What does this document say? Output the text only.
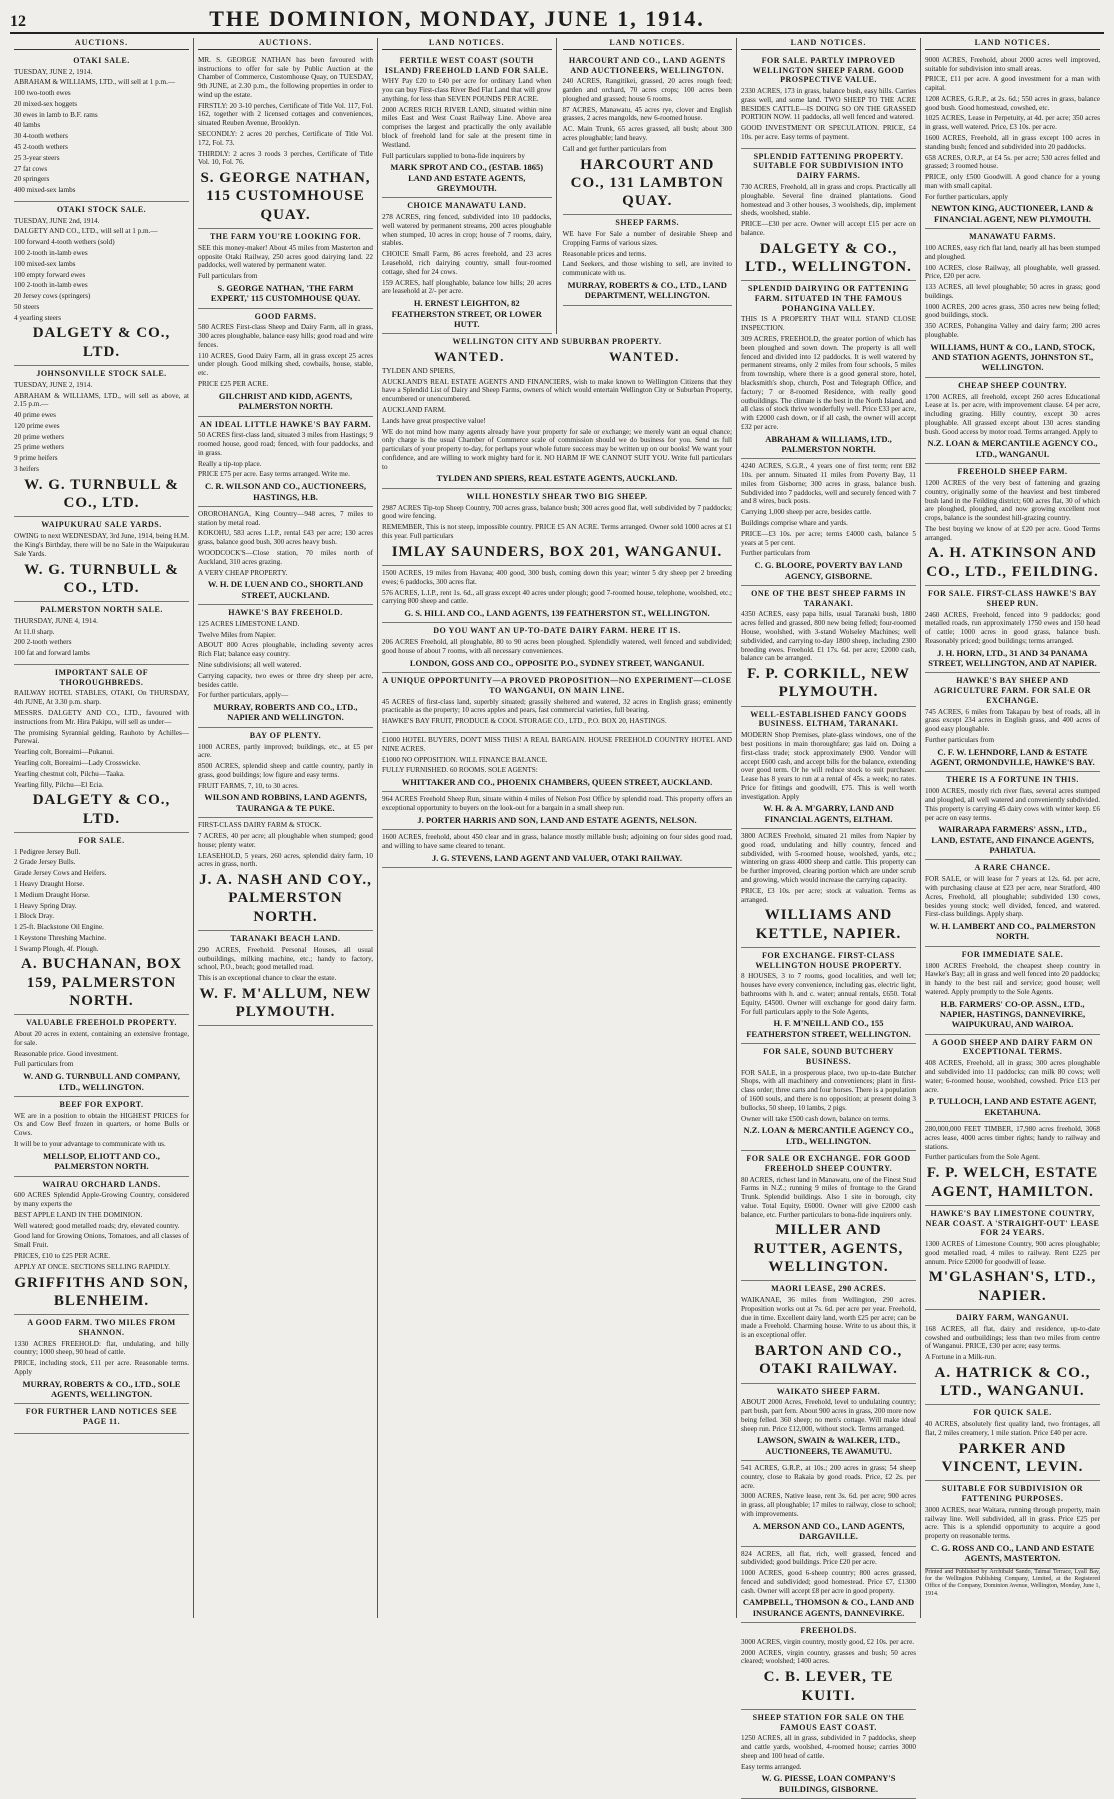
12	THE DOMINION, MONDAY, JUNE 1, 1914.
AUCTIONS.
OTAKI SALE.

TUESDAY, JUNE 2, 1914.

ABRAHAM & WILLIAMS, LTD., will sell at 1 p.m.—

100 two-tooth ewes

20 mixed-sex hoggets

30 ewes in lamb to B.F. rams

40 lambs

30 4-tooth wethers

45 2-tooth wethers

25 3-year steers

27 fat cows

20 springers

400 mixed-sex lambs

OTAKI STOCK SALE.

TUESDAY, JUNE 2nd, 1914.

DALGETY AND CO., LTD., will sell at 1 p.m.—

100 forward 4-tooth wethers (sold)

100 2-tooth in-lamb ewes

100 mixed-sex lambs

100 empty forward ewes

100 2-tooth in-lamb ewes

20 Jersey cows (springers)

50 steers

4 yearling steers

DALGETY & CO., LTD.
JOHNSONVILLE STOCK SALE.

TUESDAY, JUNE 2, 1914.

ABRAHAM & WILLIAMS, LTD., will sell as above, at 2.15 p.m.—

40 prime ewes

120 prime ewes

20 prime wethers

25 prime wethers

9 prime heifers

3 heifers

W. G. TURNBULL & CO., LTD.
WAIPUKURAU SALE YARDS.

OWING to next WEDNESDAY, 3rd June, 1914, being H.M. the King's Birthday, there will be no Sale in the Waipukurau Sale Yards.

W. G. TURNBULL & CO., LTD.
PALMERSTON NORTH SALE.

THURSDAY, JUNE 4, 1914.

At 11.0 sharp.

200 2-tooth wethers

100 fat and forward lambs

IMPORTANT SALE OF THOROUGHBREDS.

RAILWAY HOTEL STABLES, OTAKI, On THURSDAY, 4th JUNE, At 3.30 p.m. sharp.

MESSRS. DALGETY AND CO., LTD., favoured with instructions from Mr. Hira Pakipu, will sell as under—

The promising Syrannial gelding, Rauhoto by Achilles—Purewai.

Yearling colt, Boreaimi—Pukanui.

Yearling colt, Boreaimi—Lady Crosswicke.

Yearling chestnut colt, Pilchu—Taaka.

Yearling filly, Pilchu—El Ecia.

DALGETY & CO., LTD.
FOR SALE.

1 Pedigree Jersey Bull.

2 Grade Jersey Bulls.

Grade Jersey Cows and Heifers.

1 Heavy Draught Horse.

1 Medium Draught Horse.

1 Heavy Spring Dray.

1 Block Dray.

1 25-ft. Blackstone Oil Engine.

1 Keystone Threshing Machine.

1 Swamp Plough, 4f. Plough.

A. BUCHANAN, BOX 159, PALMERSTON NORTH.
VALUABLE FREEHOLD PROPERTY.

About 20 acres in extent, containing an extensive frontage, for sale.

Reasonable price. Good investment.

Full particulars from

W. AND G. TURNBULL AND COMPANY, LTD., WELLINGTON.
BEEF FOR EXPORT.

WE are in a position to obtain the HIGHEST PRICES for Ox and Cow Beef frozen in quarters, or home Bulls or Cows.

It will be to your advantage to communicate with us.

MELLSOP, ELIOTT AND CO., PALMERSTON NORTH.
WAIRAU ORCHARD LANDS.

600 ACRES Splendid Apple-Growing Country, considered by many experts the

BEST APPLE LAND IN THE DOMINION.

Well watered; good metalled roads; dry, elevated country.

Good land for Growing Onions, Tomatoes, and all classes of Small Fruit.

PRICES, £10 to £25 PER ACRE.

APPLY AT ONCE. SECTIONS SELLING RAPIDLY.

GRIFFITHS AND SON, BLENHEIM.
A GOOD FARM. TWO MILES FROM SHANNON.

1330 ACRES FREEHOLD: flat, undulating, and hilly country; 1000 sheep, 90 head of cattle.

PRICE, including stock, £11 per acre. Reasonable terms. Apply

MURRAY, ROBERTS & CO., LTD., SOLE AGENTS, WELLINGTON.
FOR FURTHER LAND NOTICES SEE PAGE 11.
AUCTIONS.

MR. S. GEORGE NATHAN has been favoured with instructions to offer for sale by Public Auction at the Chamber of Commerce, Customhouse Quay, on TUESDAY, 9th JUNE, at 2.30 p.m., the following properties in order to wind up the estate.

FIRSTLY: 20 3-10 perches, Certificate of Title Vol. 117, Fol. 162, together with 2 licensed cottages and conveniences, situated Reuben Avenue, Brooklyn.

SECONDLY: 2 acres 20 perches, Certificate of Title Vol. 172, Fol. 73.

THIRDLY: 2 acres 3 roods 3 perches, Certificate of Title Vol. 10, Fol. 76.

S. GEORGE NATHAN, 115 CUSTOMHOUSE QUAY.
THE FARM YOU'RE LOOKING FOR.

SEE this money-maker! About 45 miles from Masterton and opposite Otaki Railway, 250 acres good dairying land. 22 paddocks, well watered by permanent water.

Full particulars from

S. GEORGE NATHAN, 'THE FARM EXPERT,' 115 CUSTOMHOUSE QUAY.
GOOD FARMS.

580 ACRES First-class Sheep and Dairy Farm, all in grass, 300 acres ploughable, balance easy hills; good road and wire fences.

110 ACRES, Good Dairy Farm, all in grass except 25 acres under plough. Good milking shed, cowbails, house, stable, etc.

PRICE £25 PER ACRE.

GILCHRIST AND KIDD, AGENTS, PALMERSTON NORTH.
AN IDEAL LITTLE HAWKE'S BAY FARM.

50 ACRES first-class land, situated 3 miles from Hastings; 9 roomed house, good road; fenced, with four paddocks, and in grass.

Really a tip-top place.

PRICE £75 per acre. Easy terms arranged. Write me.

C. R. WILSON AND CO., AUCTIONEERS, HASTINGS, H.B.

OROROHANGA, King Country—948 acres, 7 miles to station by metal road.

KOKOHU, 583 acres L.I.P., rental £43 per acre; 130 acres grass, balance good bush, 300 acres heavy bush.

WOODCOCK'S—Close station, 70 miles north of Auckland, 310 acres grazing.

A VERY CHEAP PROPERTY.

W. H. DE LUEN AND CO., SHORTLAND STREET, AUCKLAND.
HAWKE'S BAY FREEHOLD.

125 ACRES LIMESTONE LAND.

Twelve Miles from Napier.

ABOUT 800 Acres ploughable, including seventy acres Rich Flat; balance easy country.

Nine subdivisions; all well watered.

Carrying capacity, two ewes or three dry sheep per acre, besides cattle.

For further particulars, apply—

MURRAY, ROBERTS AND CO., LTD., NAPIER AND WELLINGTON.
BAY OF PLENTY.

1000 ACRES, partly improved; buildings, etc., at £5 per acre.

8500 ACRES, splendid sheep and cattle country, partly in grass, good buildings; low figure and easy terms.

FRUIT FARMS, 7, 10, to 30 acres.

WILSON AND ROBBINS, LAND AGENTS, TAURANGA & TE PUKE.

FIRST-CLASS DAIRY FARM & STOCK.

7 ACRES, 40 per acre; all ploughable when stumped; good house; plenty water.

LEASEHOLD, 5 years, 260 acres, splendid dairy farm, 10 acres in grass, north.

J. A. NASH AND COY., PALMERSTON NORTH.
TARANAKI BEACH LAND.

290 ACRES, Freehold. Personal Houses, all usual outbuildings, milking machine, etc.; handy to factory, school, P.O., beach; good metalled road.

This is an exceptional chance to clear the estate.

W. F. M'ALLUM, NEW PLYMOUTH.
LAND NOTICES.
FERTILE WEST COAST (SOUTH ISLAND) FREEHOLD LAND FOR SALE.

WHY Pay £20 to £40 per acre for ordinary Land when you can buy First-class River Bed Flat Land that will grow anything, for less than SEVEN POUNDS PER ACRE.

2000 ACRES RICH RIVER LAND, situated within nine miles East and West Coast Railway Line. Above area comprises the largest and practically the only available block of freehold land for sale at the present time in Westland.

Full particulars supplied to bona-fide inquirers by

MARK SPROT AND CO., (ESTAB. 1865) LAND AND ESTATE AGENTS, GREYMOUTH.
CHOICE MANAWATU LAND.

278 ACRES, ring fenced, subdivided into 10 paddocks, well watered by permanent streams, 200 acres ploughable when stumped, 10 acres in crop; house of 7 rooms, dairy, stables.

CHOICE Small Farm, 86 acres freehold, and 23 acres Leasehold, rich dairying country, small four-roomed cottage, shed for 24 cows.

159 ACRES, half ploughable, balance low hills; 20 acres are leasehold at 2/- per acre.

H. ERNEST LEIGHTON, 82 FEATHERSTON STREET, OR LOWER HUTT.
LAND NOTICES.
HARCOURT AND CO., LAND AGENTS AND AUCTIONEERS, WELLINGTON.

240 ACRES, Rangitikei, grassed, 20 acres rough feed; garden and orchard, 70 acres crops; 100 acres been ploughed and grassed; house 6 rooms.

87 ACRES, Manawatu, 45 acres rye, clover and English grasses, 2 acres mangolds, new 6-roomed house.

AC. Main Trunk, 65 acres grassed, all bush; about 300 acres ploughable; land heavy.

Call and get further particulars from

HARCOURT AND CO., 131 LAMBTON QUAY.
SHEEP FARMS.

WE have For Sale a number of desirable Sheep and Cropping Farms of various sizes.

Reasonable prices and terms.

Land Seekers, and those wishing to sell, are invited to communicate with us.

MURRAY, ROBERTS & CO., LTD., LAND DEPARTMENT, WELLINGTON.
WELLINGTON CITY AND SUBURBAN PROPERTY.
WANTED.	WANTED.

TYLDEN AND SPIERS,

AUCKLAND'S REAL ESTATE AGENTS AND FINANCIERS, wish to make known to Wellington Citizens that they have a Splendid List of Dairy and Sheep Farms, owners of which would entertain Wellington City or Suburban Property, encumbered or unencumbered.

AUCKLAND FARM.

Lands have great prospective value!

WE do not mind how many agents already have your property for sale or exchange; we merely want an equal chance; only charge is the usual Chamber of Commerce scale of commission should we do business for you. Send us full particulars of your property to-day, for perhaps your whole future success may be written up on our books! We want your confidence, and are willing to work mighty hard for it. NO HARM IF WE CANNOT SUIT YOU. Write full particulars to

TYLDEN AND SPIERS, REAL ESTATE AGENTS, AUCKLAND.
WILL HONESTLY SHEAR TWO BIG SHEEP.

2987 ACRES Tip-top Sheep Country, 700 acres grass, balance bush; 300 acres good flat, well subdivided by 7 paddocks; good wire fencing.

REMEMBER, This is not steep, impossible country. PRICE £5 AN ACRE. Terms arranged. Owner sold 1000 acres at £1 this year. Full particulars

IMLAY SAUNDERS, BOX 201, WANGANUI.

1500 ACRES, 19 miles from Havana; 400 good, 300 bush, coming down this year; winter 5 dry sheep per 2 breeding ewes; 6 paddocks, 300 acres flat.

576 ACRES, L.I.P., rent 1s. 6d., all grass except 40 acres under plough; good 7-roomed house, telephone, woolshed, etc.; carrying 800 sheep and cattle.

G. S. HILL AND CO., LAND AGENTS, 139 FEATHERSTON ST., WELLINGTON.
DO YOU WANT AN UP-TO-DATE DAIRY FARM. HERE IT IS.

206 ACRES Freehold, all ploughable, 80 to 90 acres been ploughed. Splendidly watered, well fenced and subdivided; good house of about 7 rooms, with all necessary conveniences.

LONDON, GOSS AND CO., OPPOSITE P.O., SYDNEY STREET, WANGANUI.
A UNIQUE OPPORTUNITY—A PROVED PROPOSITION—NO EXPERIMENT—CLOSE TO WANGANUI, ON MAIN LINE.

45 ACRES of first-class land, superbly situated; grassily sheltered and watered, 32 acres in English grass; eminently practicable as the property; 10 acres apples and pears, fast commercial varieties, full bearing.

HAWKE'S BAY FRUIT, PRODUCE & COOL STORAGE CO., LTD., P.O. BOX 20, HASTINGS.

£1000 HOTEL BUYERS, DON'T MISS THIS! A REAL BARGAIN. HOUSE FREEHOLD COUNTRY HOTEL AND NINE ACRES.

£1000 NO OPPOSITION. WILL FINANCE BALANCE.

FULLY FURNISHED. 60 ROOMS. SOLE AGENTS:

WHITTAKER AND CO., PHOENIX CHAMBERS, QUEEN STREET, AUCKLAND.

964 ACRES Freehold Sheep Run, situate within 4 miles of Nelson Post Office by splendid road. This property offers an exceptional opportunity to buyers on the look-out for a bargain in a small sheep run.

J. PORTER HARRIS AND SON, LAND AND ESTATE AGENTS, NELSON.

1600 ACRES, freehold, about 450 clear and in grass, balance mostly millable bush; adjoining on four sides good road, and willing to have same cleared to tenant.

J. G. STEVENS, LAND AGENT AND VALUER, OTAKI RAILWAY.
LAND NOTICES.
FOR SALE. PARTLY IMPROVED WELLINGTON SHEEP FARM. GOOD PROSPECTIVE VALUE.

2330 ACRES, 173 in grass, balance bush, easy hills. Carries grass well, and some land. TWO SHEEP TO THE ACRE BESIDES CATTLE—IS DOING SO ON THE GRASSED PORTION NOW. 11 paddocks, all well fenced and watered.

GOOD INVESTMENT OR SPECULATION. PRICE, £4 10s. per acre. Easy terms of payment.

SPLENDID FATTENING PROPERTY. SUITABLE FOR SUBDIVISION INTO DAIRY FARMS.

730 ACRES, Freehold, all in grass and crops. Practically all ploughable. Several fine drained plantations. Good homestead and 3 other houses, 3 woolsheds, dip, implement sheds, woolshed, stable.

PRICE—£30 per acre. Owner will accept £15 per acre on balance.

DALGETY & CO., LTD., WELLINGTON.
SPLENDID DAIRYING OR FATTENING FARM. SITUATED IN THE FAMOUS POHANGINA VALLEY.

THIS IS A PROPERTY THAT WILL STAND CLOSE INSPECTION.

309 ACRES, FREEHOLD, the greater portion of which has been ploughed and sown down. The property is all well fenced and divided into 12 paddocks. It is well watered by permanent streams, only 2 miles from four schools, 5 miles from township, where there is a good general store, hotel, blacksmith's shop, church, Post and Telegraph Office, and factory; 7 or 8-roomed Residence, with really good outbuildings. The climate is the best in the North Island, and all class of stock thrive wonderfully well. Price £33 per acre, with £2000 cash down, or if all cash, the owner will accept £32 per acre.

ABRAHAM & WILLIAMS, LTD., PALMERSTON NORTH.

4240 ACRES, S.G.R., 4 years one of first term; rent £82 10s. per annum. Situated 11 miles from Poverty Bay, 11 miles from Gisborne; 300 acres in grass, balance bush. Subdivided into 7 paddocks, well and securely fenced with 7 and 8 wires, buck posts.

Carrying 1,000 sheep per acre, besides cattle.

Buildings comprise whare and yards.

PRICE—£3 10s. per acre; terms £4000 cash, balance 5 years at 5 per cent.

Further particulars from

C. G. BLOORE, POVERTY BAY LAND AGENCY, GISBORNE.
ONE OF THE BEST SHEEP FARMS IN TARANAKI.

4350 ACRES, easy papa hills, usual Taranaki bush, 1800 acres felled and grassed, 800 new being felled; four-roomed House, woolshed, with 3-stand Wolseley Machines; well subdivided, and carrying to-day 1800 sheep, including 2300 breeding ewes. Freehold. £1 17s. 6d. per acre; £2000 cash, balance can be arranged.

F. P. CORKILL, NEW PLYMOUTH.
WELL-ESTABLISHED FANCY GOODS BUSINESS. ELTHAM, TARANAKI.

MODERN Shop Premises, plate-glass windows, one of the best positions in main thoroughfare; gas laid on. Doing a first-class trade; stock approximately £900. Vendor will accept £600 cash, and accept bills for the balance, extending over good term. Or he will reduce stock to suit purchaser. Lease has 8 years to run at a rental of 45s. a week; no rates. Price for fittings and goodwill, £75. This is well worth investigation. Apply

W. H. & A. M'GARRY, LAND AND FINANCIAL AGENTS, ELTHAM.

3800 ACRES Freehold, situated 21 miles from Napier by good road, undulating and hilly country, fenced and subdivided, with 5-roomed house, woolshed, yards, etc.; wintering on grass 4000 sheep and cattle. This property can be further improved, clearing portion which are under scrub and growing, which would increase the carrying capacity.

PRICE, £3 10s. per acre; stock at valuation. Terms as arranged.

WILLIAMS AND KETTLE, NAPIER.
FOR EXCHANGE. FIRST-CLASS WELLINGTON HOUSE PROPERTY.

8 HOUSES, 3 to 7 rooms, good localities, and well let; houses have every convenience, including gas, electric light, bathrooms with h. and c. water; annual rentals, £650. Total Equity, £4500. Owner will exchange for good dairy farm. For full particulars apply to the Sole Agents,

H. F. M'NEILL AND CO., 155 FEATHERSTON STREET, WELLINGTON.
FOR SALE, SOUND BUTCHERY BUSINESS.

FOR SALE, in a prosperous place, two up-to-date Butcher Shops, with all machinery and conveniences; plant in first-class order; three carts and four horses. There is a population of 1600 souls, and there is no opposition; at present doing 3 bullocks, 50 sheep, 10 lambs, 2 pigs.

Owner will take £500 cash down, balance on terms.

N.Z. LOAN & MERCANTILE AGENCY CO., LTD., WELLINGTON.
FOR SALE OR EXCHANGE. FOR GOOD FREEHOLD SHEEP COUNTRY.

80 ACRES, richest land in Manawatu, one of the Finest Stud Farms in N.Z.; running 9 miles of frontage to the Grand Trunk. Splendid buildings. Also 1 site in borough, city value. Total Equity, £6000. Owner will give £2000 cash balance, etc. Further particulars to bona-fide inquirers only.

MILLER AND RUTTER, AGENTS, WELLINGTON.
MAORI LEASE, 290 ACRES.

WAIKANAE, 36 miles from Wellington, 290 acres. Proposition works out at 7s. 6d. per acre per year. Freehold, due in time. Excellent dairy land, worth £25 per acre; can be made a Freehold. Charming house. Write to us about this, it is an exceptional offer.

BARTON AND CO., OTAKI RAILWAY.
WAIKATO SHEEP FARM.

ABOUT 2000 Acres, Freehold, level to undulating country; part bush, part fern. About 900 acres in grass, 200 more now being felled. 360 sheep; no men's cottage. Will make ideal sheep run. Price £12,000, without stock. Terms arranged.

LAWSON, SWAIN & WALKER, LTD., AUCTIONEERS, TE AWAMUTU.

541 ACRES, G.R.P., at 10s.; 200 acres in grass; 54 sheep country, close to Rakaia by good roads. Price, £2 2s. per acre.

3000 ACRES, Native lease, rent 3s. 6d. per acre; 900 acres in grass, all ploughable; 17 miles to railway, close to school; with improvements.

A. MERSON AND CO., LAND AGENTS, DARGAVILLE.

824 ACRES, all flat, rich, well grassed, fenced and subdivided; good buildings. Price £20 per acre.

1000 ACRES, good 6-sheep country; 800 acres grassed, fenced and subdivided; good homestead. Price £7, £1300 cash. Owner will accept £8 per acre in good property.

CAMPBELL, THOMSON & CO., LAND AND INSURANCE AGENTS, DANNEVIRKE.
FREEHOLDS.

3000 ACRES, virgin country, mostly good, £2 10s. per acre.

2000 ACRES, virgin country, grasses and bush; 50 acres cleared; woolshed; 1400 acres.

C. B. LEVER, TE KUITI.
SHEEP STATION FOR SALE ON THE FAMOUS EAST COAST.

1250 ACRES, all in grass, subdivided in 7 paddocks, sheep and cattle yards, woolshed, 4-roomed house; carries 3000 sheep and 100 head of cattle.

Easy terms arranged.

W. G. PIESSE, LOAN COMPANY'S BUILDINGS, GISBORNE.
LAND NOTICES.

9000 ACRES, Freehold, about 2000 acres well improved, suitable for subdivision into small areas.

PRICE, £11 per acre. A good investment for a man with capital.

1208 ACRES, G.R.P., at 2s. 6d.; 550 acres in grass, balance good bush. Good homestead, cowshed, etc.

1025 ACRES, Lease in Perpetuity, at 4d. per acre; 350 acres in grass, well watered. Price, £3 10s. per acre.

1600 ACRES, Freehold, all in grass except 100 acres in standing bush; fenced and subdivided into 20 paddocks.

658 ACRES, O.R.P., at £4 5s. per acre; 530 acres felled and grassed; 3 roomed house.

PRICE, only £500 Goodwill. A good chance for a young man with small capital.

For further particulars, apply

NEWTON KING, AUCTIONEER, LAND & FINANCIAL AGENT, NEW PLYMOUTH.
MANAWATU FARMS.

100 ACRES, easy rich flat land, nearly all has been stumped and ploughed.

100 ACRES, close Railway, all ploughable, well grassed. Price, £20 per acre.

133 ACRES, all level ploughable; 50 acres in grass; good buildings.

1000 ACRES, 200 acres grass, 350 acres new being felled; good buildings, stock.

350 ACRES, Pohangina Valley and dairy farm; 200 acres ploughable.

WILLIAMS, HUNT & CO., LAND, STOCK, AND STATION AGENTS, JOHNSTON ST., WELLINGTON.
CHEAP SHEEP COUNTRY.

1700 ACRES, all freehold, except 260 acres Educational Lease at 1s. per acre, with improvement clause. £4 per acre, including grazing. Hilly country, except 30 acres ploughable. All grassed except about 130 acres standing bush. Good access by motor road. Terms arranged. Apply to

N.Z. LOAN & MERCANTILE AGENCY CO., LTD., WANGANUI.
FREEHOLD SHEEP FARM.

1200 ACRES of the very best of fattening and grazing country, originally some of the heaviest and best timbered bush land in the Feilding district; 600 acres flat, 30 of which are ploughed, ploughed, and now growing excellent root crops, balance is the soundest hill-grazing country.

The best buying we know of at £20 per acre. Good Terms arranged.

A. H. ATKINSON AND CO., LTD., FEILDING.
FOR SALE. FIRST-CLASS HAWKE'S BAY SHEEP RUN.

2460 ACRES, Freehold, fenced into 9 paddocks; good metalled roads, run approximately 1750 ewes and 150 head of cattle; 1000 acres in good grass, balance bush. Reasonably priced; good buildings; terms arranged.

J. H. HORN, LTD., 31 AND 34 PANAMA STREET, WELLINGTON, AND AT NAPIER.
HAWKE'S BAY SHEEP AND AGRICULTURE FARM. FOR SALE OR EXCHANGE.

745 ACRES, 6 miles from Takapau by best of roads, all in grass except 234 acres in English grass, and 400 acres of good easy ploughable.

Further particulars from

C. F. W. LEHNDORF, LAND & ESTATE AGENT, ORMONDVILLE, HAWKE'S BAY.
THERE IS A FORTUNE IN THIS.

1000 ACRES, mostly rich river flats, several acres stumped and ploughed, all well watered and conveniently subdivided. This property is carrying 45 dairy cows with winter keep. £6 per acre on easy terms.

WAIRARAPA FARMERS' ASSN., LTD., LAND, ESTATE, AND FINANCE AGENTS, PAHIATUA.
A RARE CHANCE.

FOR SALE, or will lease for 7 years at 12s. 6d. per acre, with purchasing clause at £23 per acre, near Stratford, 400 Acres, Freehold, all ploughable; subdivided 130 cows, besides young stock; well divided, fenced, and watered. First-class buildings. Apply sharp.

W. H. LAMBERT AND CO., PALMERSTON NORTH.
FOR IMMEDIATE SALE.

1800 ACRES Freehold, the cheapest sheep country in Hawke's Bay; all in grass and well fenced into 20 paddocks; in handy to the best rail and service; good house; well watered. Apply promptly to the Sole Agents.

H.B. FARMERS' CO-OP. ASSN., LTD., NAPIER, HASTINGS, DANNEVIRKE, WAIPUKURAU, AND WAIROA.
A GOOD SHEEP AND DAIRY FARM ON EXCEPTIONAL TERMS.

408 ACRES, Freehold, all in grass; 300 acres ploughable and subdivided into 11 paddocks; can milk 80 cows; well water; 6-roomed house, woolshed, cowshed. Price £13 per acre.

P. TULLOCH, LAND AND ESTATE AGENT, EKETAHUNA.

280,000,000 FEET TIMBER, 17,980 acres freehold, 3068 acres lease, 4000 acres timber rights; handy to railway and stations.

Further particulars from the Sole Agent.

F. P. WELCH, ESTATE AGENT, HAMILTON.
HAWKE'S BAY LIMESTONE COUNTRY, NEAR COAST. A 'STRAIGHT-OUT' LEASE FOR 24 YEARS.

1300 ACRES of Limestone Country, 900 acres ploughable; good metalled road, 4 miles to railway. Rent £225 per annum. Price £2000 for goodwill of lease.

M'GLASHAN'S, LTD., NAPIER.
DAIRY FARM, WANGANUI.

168 ACRES, all flat, dairy and residence, up-to-date cowshed and outbuildings; less than two miles from centre of Wanganui. PRICE, £30 per acre; easy terms.

A Fortune in a Milk-run.

A. HATRICK & CO., LTD., WANGANUI.
FOR QUICK SALE.

40 ACRES, absolutely first quality land, two frontages, all flat, 2 miles creamery, 1 mile station. Price £40 per acre.

PARKER AND VINCENT, LEVIN.
SUITABLE FOR SUBDIVISION OR FATTENING PURPOSES.

3000 ACRES, near Waitara, running through property, main railway line. Well subdivided, all in grass. Price £25 per acre. This is a splendid opportunity to acquire a good property on reasonable terms.

C. G. ROSS AND CO., LAND AND ESTATE AGENTS, MASTERTON.
Printed and Published by Archibald Sando, Taimai Terrace, Lyall Bay, for the Wellington Publishing Company, Limited, at the Registered Office of the Company, Dominion Avenue, Wellington, Monday, June 1, 1914.
